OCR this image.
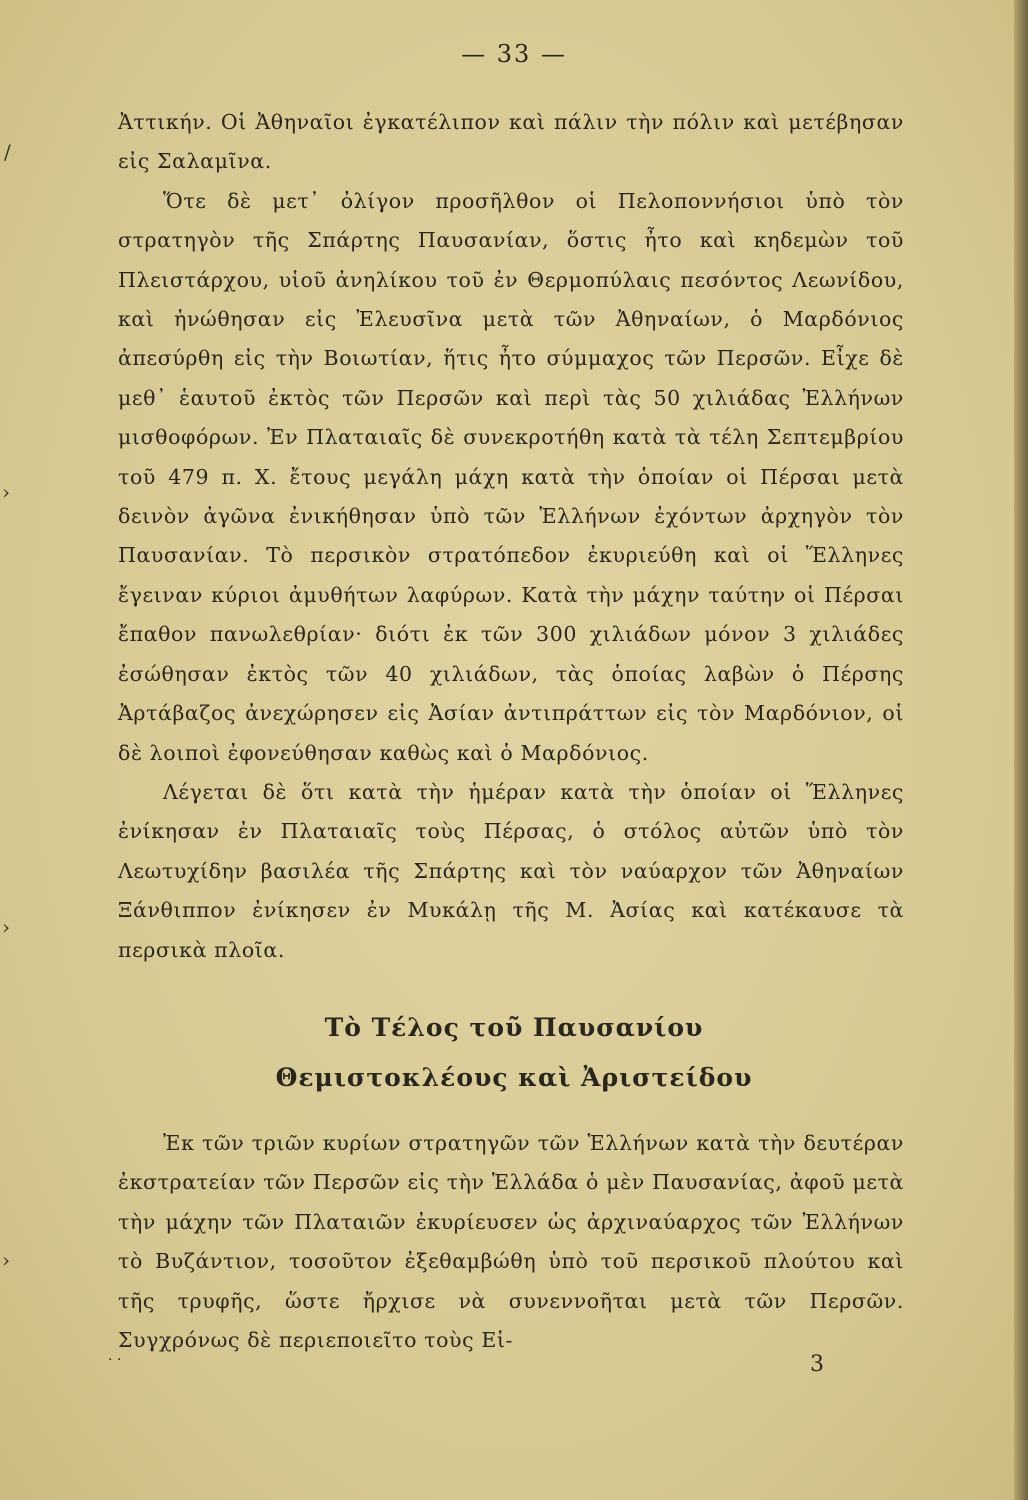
— 33 —

Ἀττικήν. Οἱ Ἀθηναῖοι ἐγκατέλιπον καὶ πάλιν τὴν πόλιν καὶ μετέβησαν εἰς Σαλαμῖνα.

Ὅτε δὲ μετ᾽ ὀλίγον προσῆλθον οἱ Πελοποννήσιοι ὑπὸ τὸν στρατηγὸν τῆς Σπάρτης Παυσανίαν, ὅστις ἦτο καὶ κηδεμὼν τοῦ Πλειστάρχου, υἱοῦ ἀνηλίκου τοῦ ἐν Θερμοπύλαις πεσόντος Λεωνίδου, καὶ ἡνώθησαν εἰς Ἐλευσῖνα μετὰ τῶν Ἀθηναίων, ὁ Μαρδόνιος ἀπεσύρθη εἰς τὴν Βοιωτίαν, ἥτις ἦτο σύμμαχος τῶν Περσῶν. Εἶχε δὲ μεθ᾽ ἑαυτοῦ ἐκτὸς τῶν Περσῶν καὶ περὶ τὰς 50 χιλιάδας Ἑλλήνων μισθοφόρων. Ἐν Πλαταιαῖς δὲ συνεκροτήθη κατὰ τὰ τέλη Σεπτεμβρίου τοῦ 479 π. Χ. ἔτους μεγάλη μάχη κατὰ τὴν ὁποίαν οἱ Πέρσαι μετὰ δεινὸν ἀγῶνα ἐνικήθησαν ὑπὸ τῶν Ἑλλήνων ἐχόντων ἀρχηγὸν τὸν Παυσανίαν. Τὸ περσικὸν στρατόπεδον ἐκυριεύθη καὶ οἱ Ἕλληνες ἔγειναν κύριοι ἀμυθήτων λαφύρων. Κατὰ τὴν μάχην ταύτην οἱ Πέρσαι ἔπαθον πανωλεθρίαν· διότι ἐκ τῶν 300 χιλιάδων μόνον 3 χιλιάδες ἐσώθησαν ἐκτὸς τῶν 40 χιλιάδων, τὰς ὁποίας λαβὼν ὁ Πέρσης Ἀρτάβαζος ἀνεχώρησεν εἰς Ἀσίαν ἀντιπράττων εἰς τὸν Μαρδόνιον, οἱ δὲ λοιποὶ ἐφονεύθησαν καθὼς καὶ ὁ Μαρδόνιος.

Λέγεται δὲ ὅτι κατὰ τὴν ἡμέραν κατὰ τὴν ὁποίαν οἱ Ἕλληνες ἐνίκησαν ἐν Πλαταιαῖς τοὺς Πέρσας, ὁ στόλος αὐτῶν ὑπὸ τὸν Λεωτυχίδην βασιλέα τῆς Σπάρτης καὶ τὸν ναύαρχον τῶν Ἀθηναίων Ξάνθιππον ἐνίκησεν ἐν Μυκάλῃ τῆς Μ. Ἀσίας καὶ κατέκαυσε τὰ περσικὰ πλοῖα.

Τὸ Τέλος τοῦ Παυσανίου
Θεμιστοκλέους καὶ Ἀριστείδου

Ἐκ τῶν τριῶν κυρίων στρατηγῶν τῶν Ἑλλήνων κατὰ τὴν δευτέραν ἐκστρατείαν τῶν Περσῶν εἰς τὴν Ἑλλάδα ὁ μὲν Παυσανίας, ἀφοῦ μετὰ τὴν μάχην τῶν Πλαταιῶν ἐκυρίευσεν ὡς ἀρχιναύαρχος τῶν Ἑλλήνων τὸ Βυζάντιον, τοσοῦτον ἐξεθαμβώθη ὑπὸ τοῦ περσικοῦ πλούτου καὶ τῆς τρυφῆς, ὥστε ἤρχισε νὰ συνεννοῆται μετὰ τῶν Περσῶν. Συγχρόνως δὲ περιεποιεῖτο τοὺς Εἱ-

· ·	3
/
›
›
›
